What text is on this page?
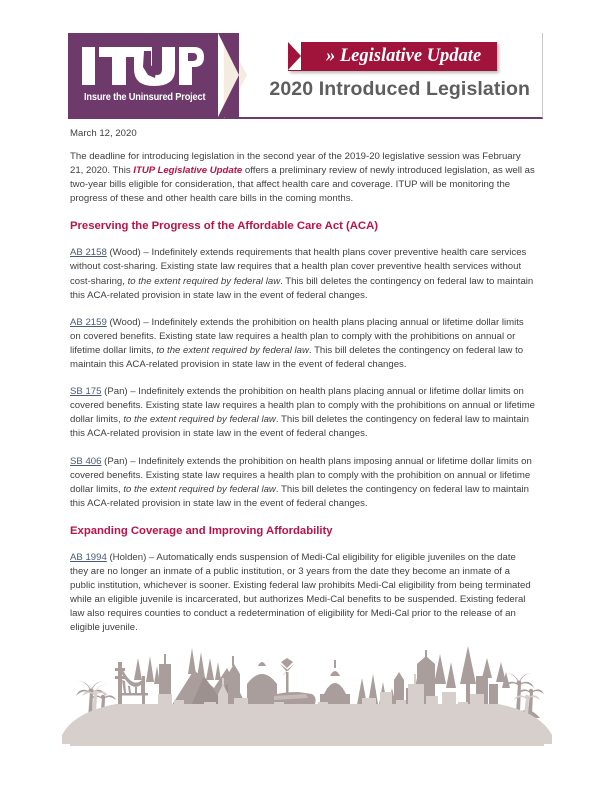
Insure the Uninsured Project
» Legislative Update
2020 Introduced Legislation
March 12, 2020

The deadline for introducing legislation in the second year of the 2019-20 legislative session was February 21, 2020. This ITUP Legislative Update offers a preliminary review of newly introduced legislation, as well as two-year bills eligible for consideration, that affect health care and coverage. ITUP will be monitoring the progress of these and other health care bills in the coming months.

Preserving the Progress of the Affordable Care Act (ACA)

AB 2158 (Wood) – Indefinitely extends requirements that health plans cover preventive health care services without cost-sharing. Existing state law requires that a health plan cover preventive health services without cost-sharing, to the extent required by federal law. This bill deletes the contingency on federal law to maintain this ACA-related provision in state law in the event of federal changes.

AB 2159 (Wood) – Indefinitely extends the prohibition on health plans placing annual or lifetime dollar limits on covered benefits. Existing state law requires a health plan to comply with the prohibitions on annual or lifetime dollar limits, to the extent required by federal law. This bill deletes the contingency on federal law to maintain this ACA-related provision in state law in the event of federal changes.

SB 175 (Pan) – Indefinitely extends the prohibition on health plans placing annual or lifetime dollar limits on covered benefits. Existing state law requires a health plan to comply with the prohibitions on annual or lifetime dollar limits, to the extent required by federal law. This bill deletes the contingency on federal law to maintain this ACA-related provision in state law in the event of federal changes.

SB 406 (Pan) – Indefinitely extends the prohibition on health plans imposing annual or lifetime dollar limits on covered benefits. Existing state law requires a health plan to comply with the prohibition on annual or lifetime dollar limits, to the extent required by federal law. This bill deletes the contingency on federal law to maintain this ACA-related provision in state law in the event of federal changes.

Expanding Coverage and Improving Affordability

AB 1994 (Holden) – Automatically ends suspension of Medi-Cal eligibility for eligible juveniles on the date they are no longer an inmate of a public institution, or 3 years from the date they become an inmate of a public institution, whichever is sooner. Existing federal law prohibits Medi-Cal eligibility from being terminated while an eligible juvenile is incarcerated, but authorizes Medi-Cal benefits to be suspended. Existing federal law also requires counties to conduct a redetermination of eligibility for Medi-Cal prior to the release of an eligible juvenile.
